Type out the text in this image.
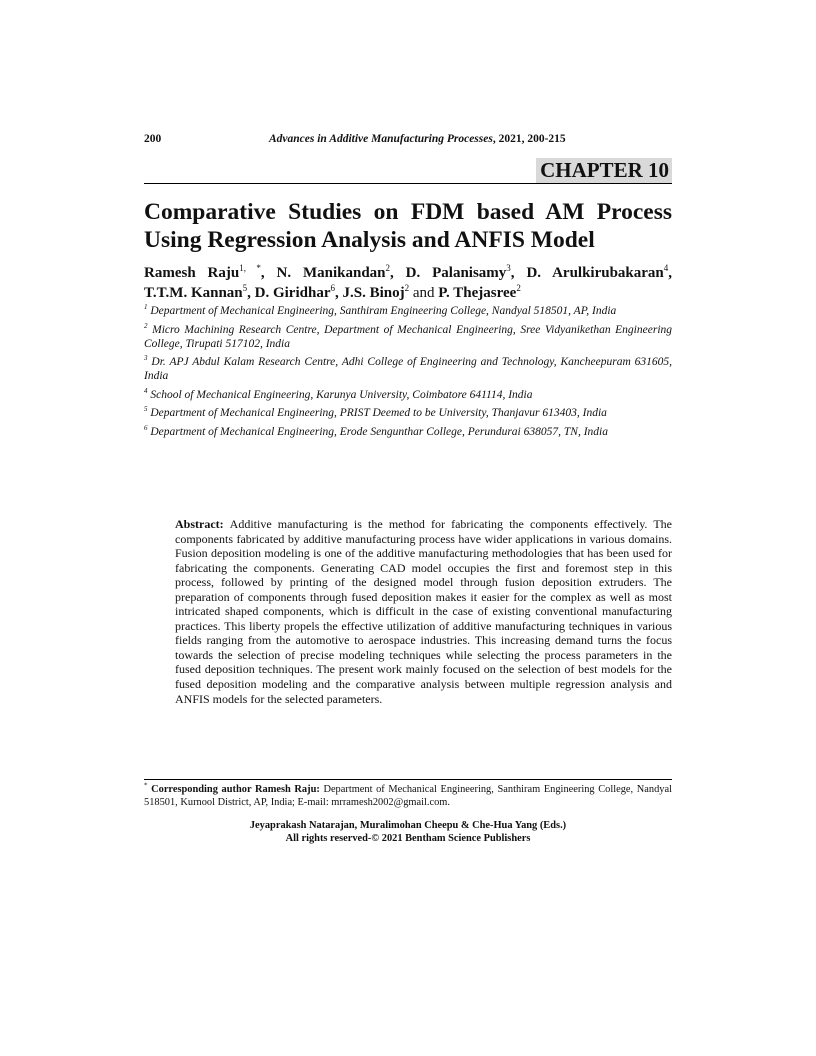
200	Advances in Additive Manufacturing Processes, 2021, 200-215
CHAPTER 10
Comparative Studies on FDM based AM Process
Using Regression Analysis and ANFIS Model
Ramesh Raju$^{1, *}$, N. Manikandan$^2$, D. Palanisamy$^3$, D. Arulkirubakaran$^4$,
T.T.M. Kannan$^5$, D. Giridhar$^6$, J.S. Binoj$^2$ and P. Thejasree$^2$
$^1$ Department of Mechanical Engineering, Santhiram Engineering College, Nandyal 518501, AP, India
$^2$ Micro Machining Research Centre, Department of Mechanical Engineering, Sree Vidyanikethan Engineering College, Tirupati 517102, India
$^3$ Dr. APJ Abdul Kalam Research Centre, Adhi College of Engineering and Technology, Kancheepuram 631605, India
$^4$ School of Mechanical Engineering, Karunya University, Coimbatore 641114, India
$^5$ Department of Mechanical Engineering, PRIST Deemed to be University, Thanjavur 613403, India
$^6$ Department of Mechanical Engineering, Erode Sengunthar College, Perundurai 638057, TN, India
Abstract: Additive manufacturing is the method for fabricating the components effectively. The components fabricated by additive manufacturing process have wider applications in various domains. Fusion deposition modeling is one of the additive manufacturing methodologies that has been used for fabricating the components. Generating CAD model occupies the first and foremost step in this process, followed by printing of the designed model through fusion deposition extruders. The preparation of components through fused deposition makes it easier for the complex as well as most intricated shaped components, which is difficult in the case of existing conventional manufacturing practices. This liberty propels the effective utilization of additive manufacturing techniques in various fields ranging from the automotive to aerospace industries. This increasing demand turns the focus towards the selection of precise modeling techniques while selecting the process parameters in the fused deposition techniques. The present work mainly focused on the selection of best models for the fused deposition modeling and the comparative analysis between multiple regression analysis and ANFIS models for the selected parameters.
* Corresponding author Ramesh Raju: Department of Mechanical Engineering, Santhiram Engineering College, Nandyal 518501, Kurnool District, AP, India; E-mail: mrramesh2002@gmail.com.
Jeyaprakash Natarajan, Muralimohan Cheepu & Che-Hua Yang (Eds.)
All rights reserved-© 2021 Bentham Science Publishers
